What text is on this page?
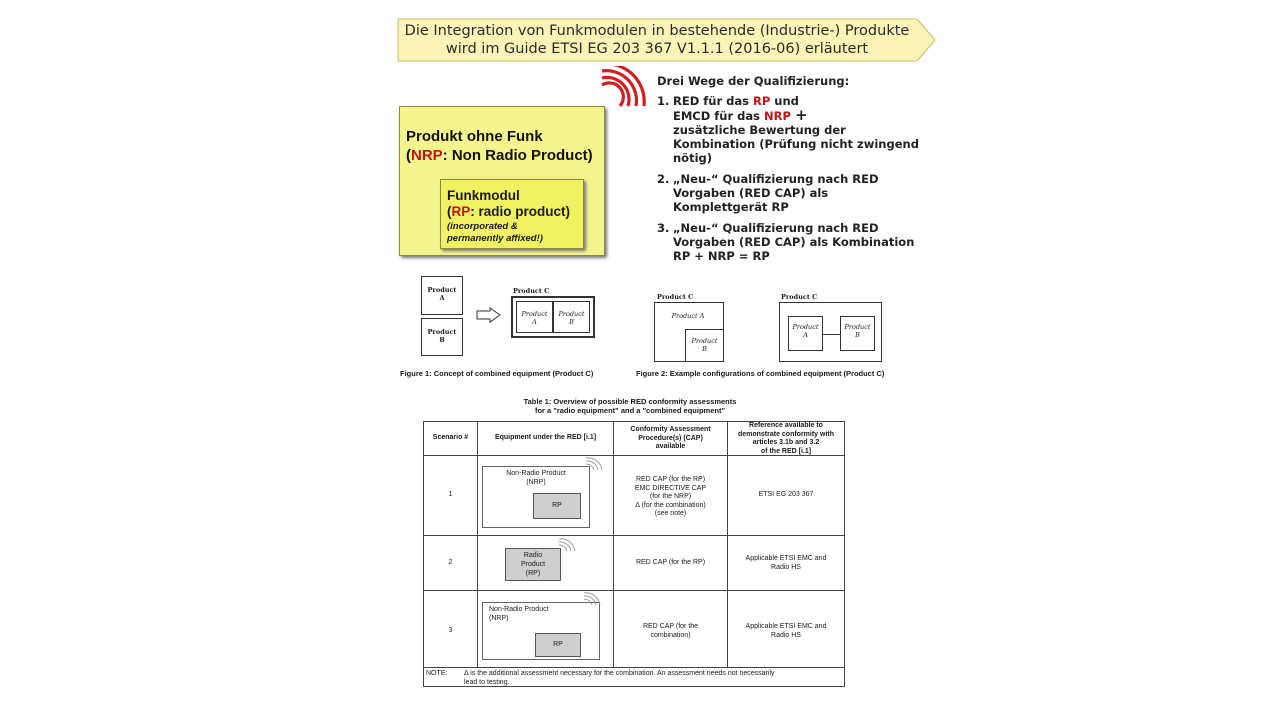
Die Integration von Funkmodulen in bestehende (Industrie-) Produkte
wird im Guide ETSI EG 203 367 V1.1.1 (2016-06) erläutert
Produkt ohne Funk
(NRP: Non Radio Product)
Funkmodul
(RP: radio product)
(incorporated &
permanently affixed!)
Drei Wege der Qualifizierung:
1. RED für das RP und
EMCD für das NRP +
zusätzliche Bewertung der
Kombination (Prüfung nicht zwingend
nötig)
2. „Neu-“ Qualifizierung nach RED
Vorgaben (RED CAP) als
Komplettgerät RP
3. „Neu-“ Qualifizierung nach RED
Vorgaben (RED CAP) als Kombination
RP + NRP = RP
Product
A
Product
B
Product C
Product
A
Product
B
Figure 1: Concept of combined equipment (Product C)
Product C
Product A
Product
B
Product C
Product
A
Product
B
Figure 2: Example configurations of combined equipment (Product C)
Table 1: Overview of possible RED conformity assessments
for a "radio equipment" and a "combined equipment"
Scenario #	Equipment under the RED [i.1]
Conformity Assessment
Procedure(s) (CAP)
available
Reference available to
demonstrate conformity with
articles 3.1b and 3.2
of the RED [i.1]
1
Non-Radio Product
(NRP)
RP
RED CAP (for the RP)
EMC DIRECTIVE CAP
(for the NRP)
Δ (for the combination)
(see note)
ETSI EG 203 367
2
Radio
Product
(RP)
RED CAP (for the RP)
Applicable ETSI EMC and
Radio HS
3
Non-Radio Product
(NRP)
RP
RED CAP (for the
combination)
Applicable ETSI EMC and
Radio HS
NOTE: Δ is the additional assessment necessary for the combination. An assessment needs not necessarily
lead to testing.
